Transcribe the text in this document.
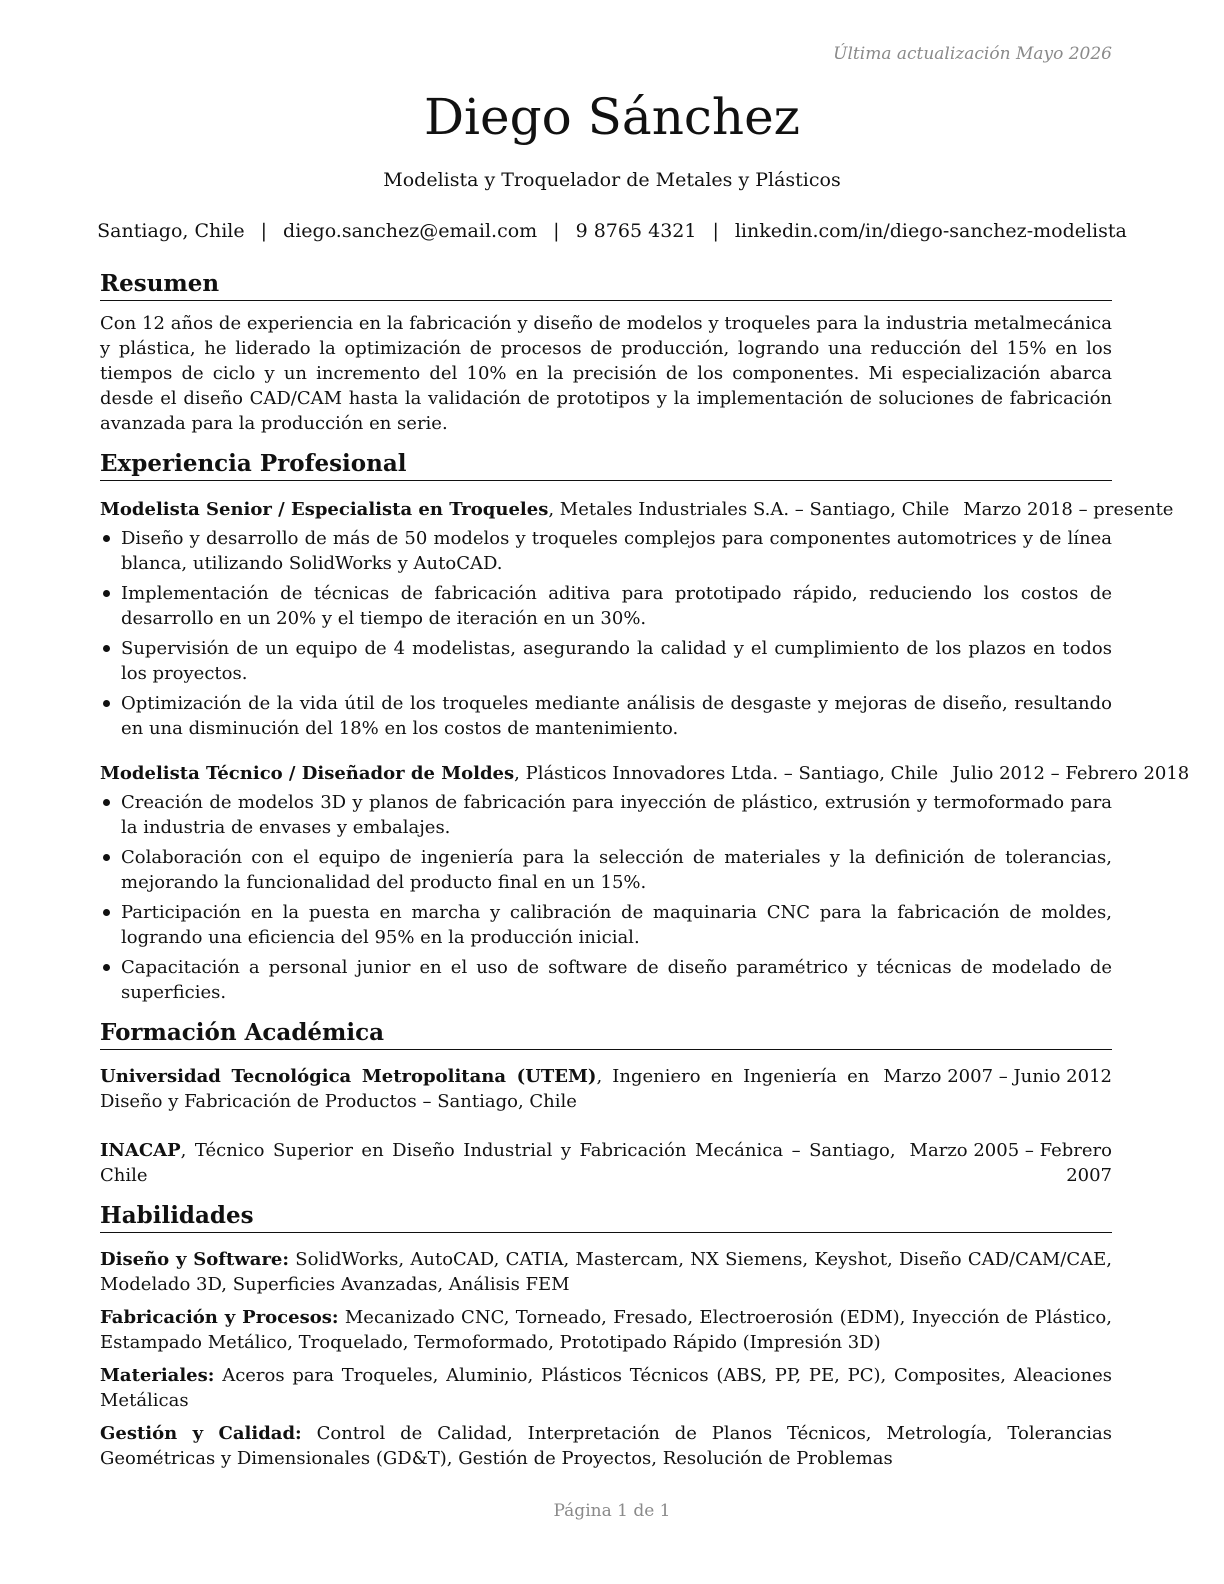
Última actualización Mayo 2026
Diego Sánchez
Modelista y Troquelador de Metales y Plásticos
Santiago, Chile | diego.sanchez@email.com | 9 8765 4321 | linkedin.com/in/diego-sanchez-modelista
Resumen

Con 12 años de experiencia en la fabricación y diseño de modelos y troqueles para la industria metalmecánica y plástica, he liderado la optimización de procesos de producción, logrando una reducción del 15% en los tiempos de ciclo y un incremento del 10% en la precisión de los componentes. Mi especialización abarca desde el diseño CAD/CAM hasta la validación de prototipos y la implementación de soluciones de fabricación avanzada para la producción en serie.

Experiencia Profesional
Modelista Senior / Especialista en Troqueles, Metales Industriales S.A. – Santiago, Chile Marzo 2018 – presente
Diseño y desarrollo de más de 50 modelos y troqueles complejos para componentes automotrices y de línea blanca, utilizando SolidWorks y AutoCAD.
Implementación de técnicas de fabricación aditiva para prototipado rápido, reduciendo los costos de desarrollo en un 20% y el tiempo de iteración en un 30%.
Supervisión de un equipo de 4 modelistas, asegurando la calidad y el cumplimiento de los plazos en todos los proyectos.
Optimización de la vida útil de los troqueles mediante análisis de desgaste y mejoras de diseño, resultando en una disminución del 18% en los costos de mantenimiento.
Modelista Técnico / Diseñador de Moldes, Plásticos Innovadores Ltda. – Santiago, Chile Julio 2012 – Febrero 2018
Creación de modelos 3D y planos de fabricación para inyección de plástico, extrusión y termoformado para la industria de envases y embalajes.
Colaboración con el equipo de ingeniería para la selección de materiales y la definición de tolerancias, mejorando la funcionalidad del producto final en un 15%.
Participación en la puesta en marcha y calibración de maquinaria CNC para la fabricación de moldes, logrando una eficiencia del 95% en la producción inicial.
Capacitación a personal junior en el uso de software de diseño paramétrico y técnicas de modelado de superficies.
Formación Académica
Universidad Tecnológica Metropolitana (UTEM), Ingeniero en Ingeniería en Diseño y Fabricación de Productos – Santiago, Chile
Marzo 2007 – Junio 2012
INACAP, Técnico Superior en Diseño Industrial y Fabricación Mecánica – Santiago, Chile
Marzo 2005 – Febrero
2007
Habilidades
Diseño y Software: SolidWorks, AutoCAD, CATIA, Mastercam, NX Siemens, Keyshot, Diseño CAD/CAM/CAE, Modelado 3D, Superficies Avanzadas, Análisis FEM
Fabricación y Procesos: Mecanizado CNC, Torneado, Fresado, Electroerosión (EDM), Inyección de Plástico, Estampado Metálico, Troquelado, Termoformado, Prototipado Rápido (Impresión 3D)
Materiales: Aceros para Troqueles, Aluminio, Plásticos Técnicos (ABS, PP, PE, PC), Composites, Aleaciones Metálicas
Gestión y Calidad: Control de Calidad, Interpretación de Planos Técnicos, Metrología, Tolerancias Geométricas y Dimensionales (GD&T), Gestión de Proyectos, Resolución de Problemas
Página 1 de 1
